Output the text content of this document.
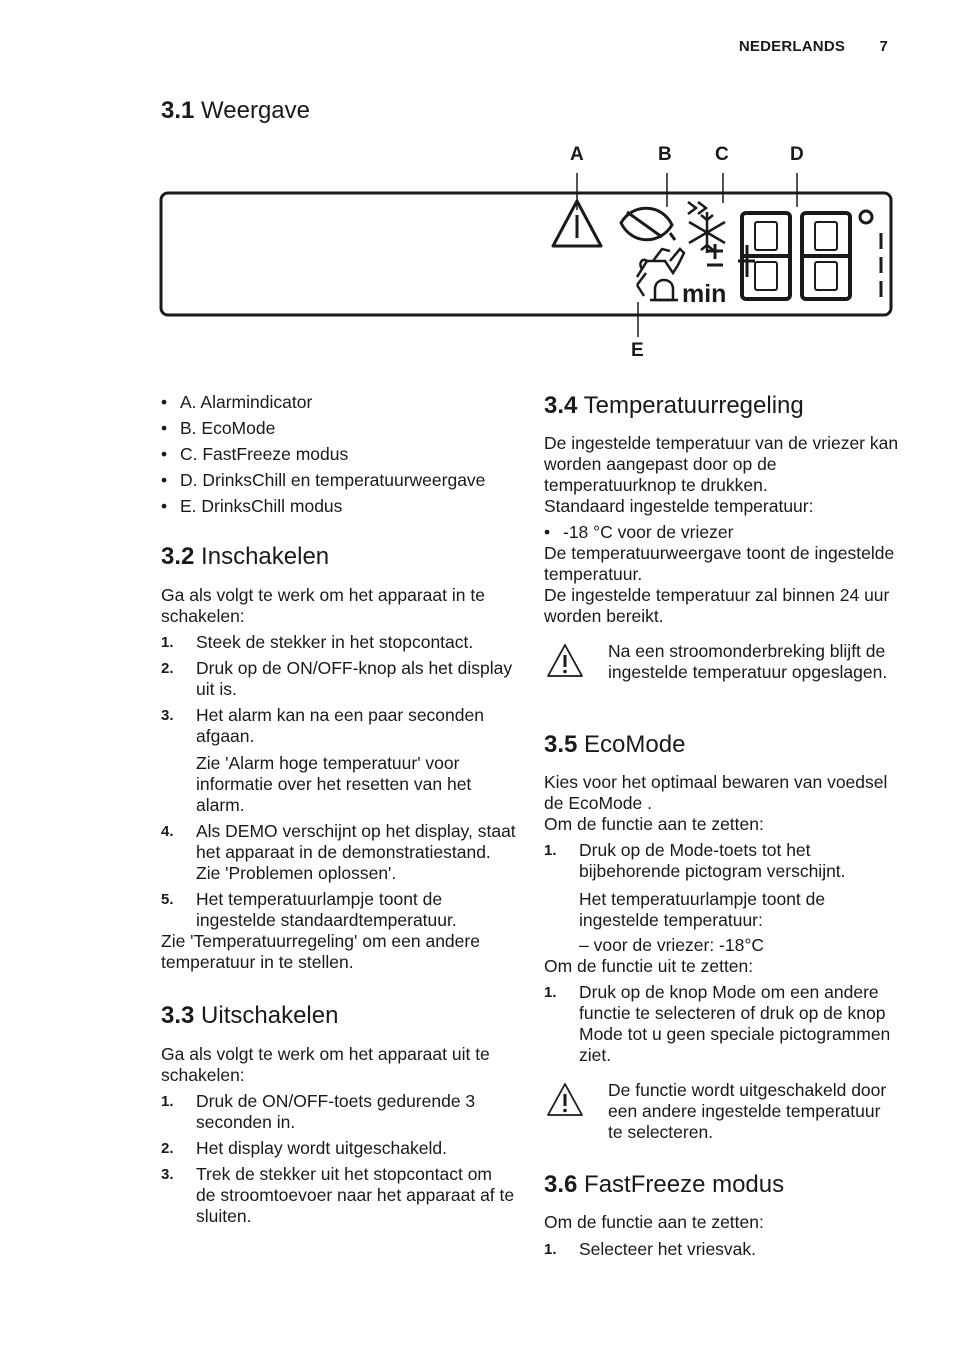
NEDERLANDS 7
3.1 Weergave
A	B C	D
E
min
• A. Alarmindicator
• B. EcoMode
• C. FastFreeze modus
• D. DrinksChill en temperatuurweergave
• E. DrinksChill modus
3.2 Inschakelen

Ga als volgt te werk om het apparaat in te schakelen:

1. Steek de stekker in het stopcontact.
2. Druk op de ON/OFF-knop als het display uit is.
3. Het alarm kan na een paar seconden afgaan.

Zie 'Alarm hoge temperatuur' voor informatie over het resetten van het alarm.

4. Als DEMO verschijnt op het display, staat het apparaat in de demonstratiestand. Zie 'Problemen oplossen'.
5. Het temperatuurlampje toont de ingestelde standaardtemperatuur.

Zie 'Temperatuurregeling' om een andere temperatuur in te stellen.

3.3 Uitschakelen

Ga als volgt te werk om het apparaat uit te schakelen:

1. Druk de ON/OFF-toets gedurende 3 seconden in.
2. Het display wordt uitgeschakeld.
3. Trek de stekker uit het stopcontact om de stroomtoevoer naar het apparaat af te sluiten.
3.4 Temperatuurregeling

De ingestelde temperatuur van de vriezer kan worden aangepast door op de temperatuurknop te drukken.

Standaard ingestelde temperatuur:

• -18 °C voor de vriezer

De temperatuurweergave toont de ingestelde temperatuur.

De ingestelde temperatuur zal binnen 24 uur worden bereikt.

Na een stroomonderbreking blijft de ingestelde temperatuur opgeslagen.

3.5 EcoMode

Kies voor het optimaal bewaren van voedsel de EcoMode .

Om de functie aan te zetten:

1. Druk op de Mode-toets tot het bijbehorende pictogram verschijnt.

Het temperatuurlampje toont de ingestelde temperatuur:

– voor de vriezer: -18°C

Om de functie uit te zetten:

1. Druk op de knop Mode om een andere functie te selecteren of druk op de knop Mode tot u geen speciale pictogrammen ziet.

De functie wordt uitgeschakeld door een andere ingestelde temperatuur te selecteren.

3.6 FastFreeze modus

Om de functie aan te zetten:

1. Selecteer het vriesvak.
